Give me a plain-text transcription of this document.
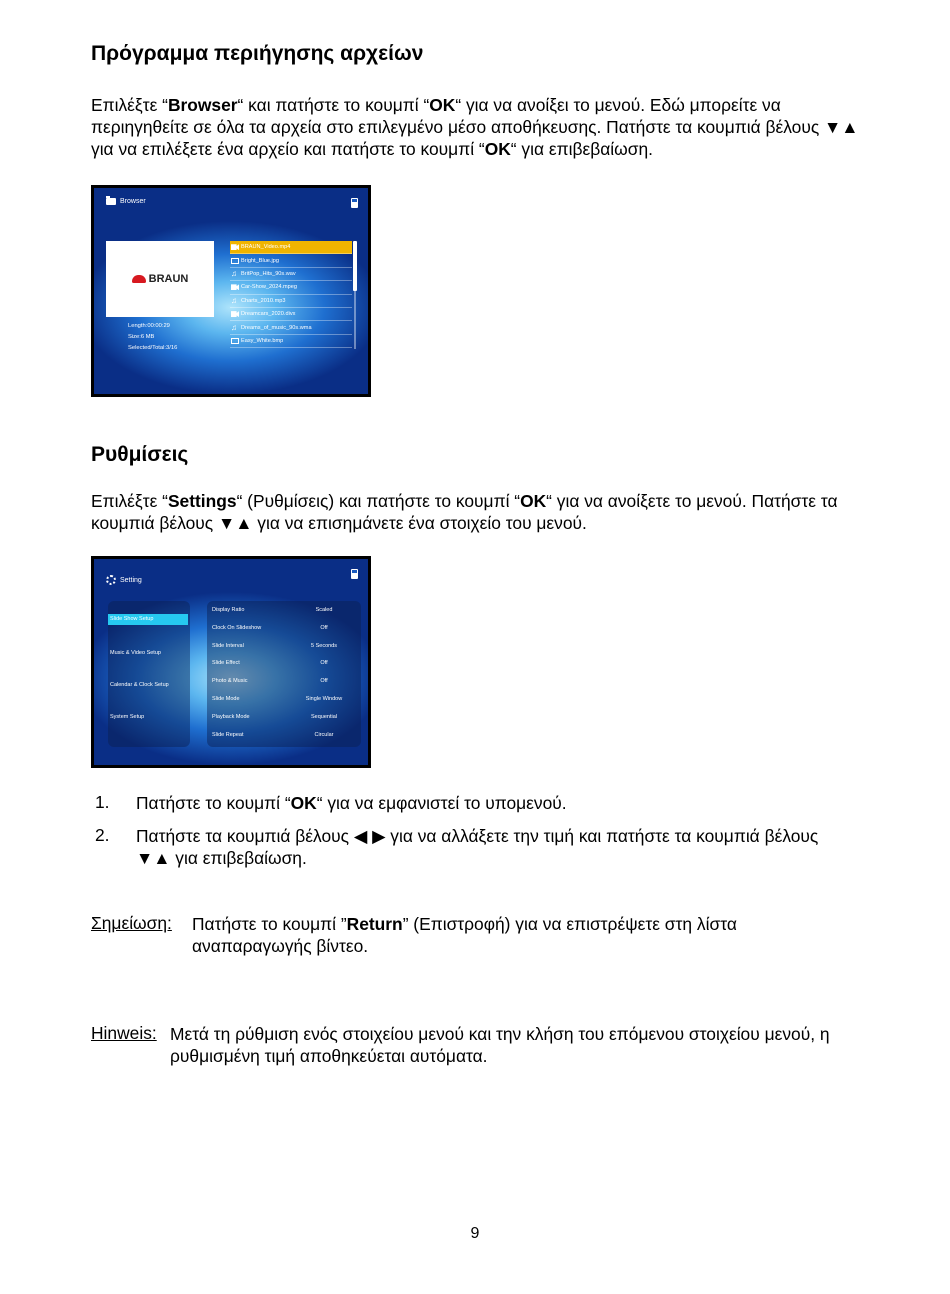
Πρόγραμμα περιήγησης αρχείων

Επιλέξτε “Browser“ και πατήστε το κουμπί “OK“ για να ανοίξει το μενού. Εδώ μπορείτε να περιηγηθείτε σε όλα τα αρχεία στο επιλεγμένο μέσο αποθήκευσης. Πατήστε τα κουμπιά βέλους ▼▲ για να επιλέξετε ένα αρχείο και πατήστε το κουμπί “OK“ για επιβεβαίωση.

Browser
BRAUN
Length:00:00:29
Size:6 MB
Selected/Total:3/16
BRAUN_Video.mp4
Bright_Blue.jpg
♫ BritPop_Hits_90s.wav
Car-Show_2024.mpeg
♫ Charts_2010.mp3
Dreamcars_2020.divx
♫ Dreams_of_music_90s.wma
Easy_White.bmp
Ρυθμίσεις

Επιλέξτε “Settings“ (Ρυθμίσεις) και πατήστε το κουμπί “OK“ για να ανοίξετε το μενού. Πατήστε τα κουμπιά βέλους ▼▲ για να επισημάνετε ένα στοιχείο του μενού.

Setting
Slide Show Setup
Music & Video Setup
Calendar & Clock Setup
System Setup
Display Ratio	Scaled
Clock On Slideshow	Off
Slide Interval	5 Seconds
Slide Effect	Off
Photo & Music	Off
Slide Mode	Single Window
Playback Mode	Sequential
Slide Repeat	Circular
1. Πατήστε το κουμπί “OK“ για να εμφανιστεί το υπομενού.

2. Πατήστε τα κουμπιά βέλους ◀ ▶ για να αλλάξετε την τιμή και πατήστε τα κουμπιά βέλους ▼▲ για επιβεβαίωση.

Σημείωση: Πατήστε το κουμπί ”Return” (Επιστροφή) για να επιστρέψετε στη λίστα αναπαραγωγής βίντεο.

Hinweis: Μετά τη ρύθμιση ενός στοιχείου μενού και την κλήση του επόμενου στοιχείου μενού, η ρυθμισμένη τιμή αποθηκεύεται αυτόματα.

9
